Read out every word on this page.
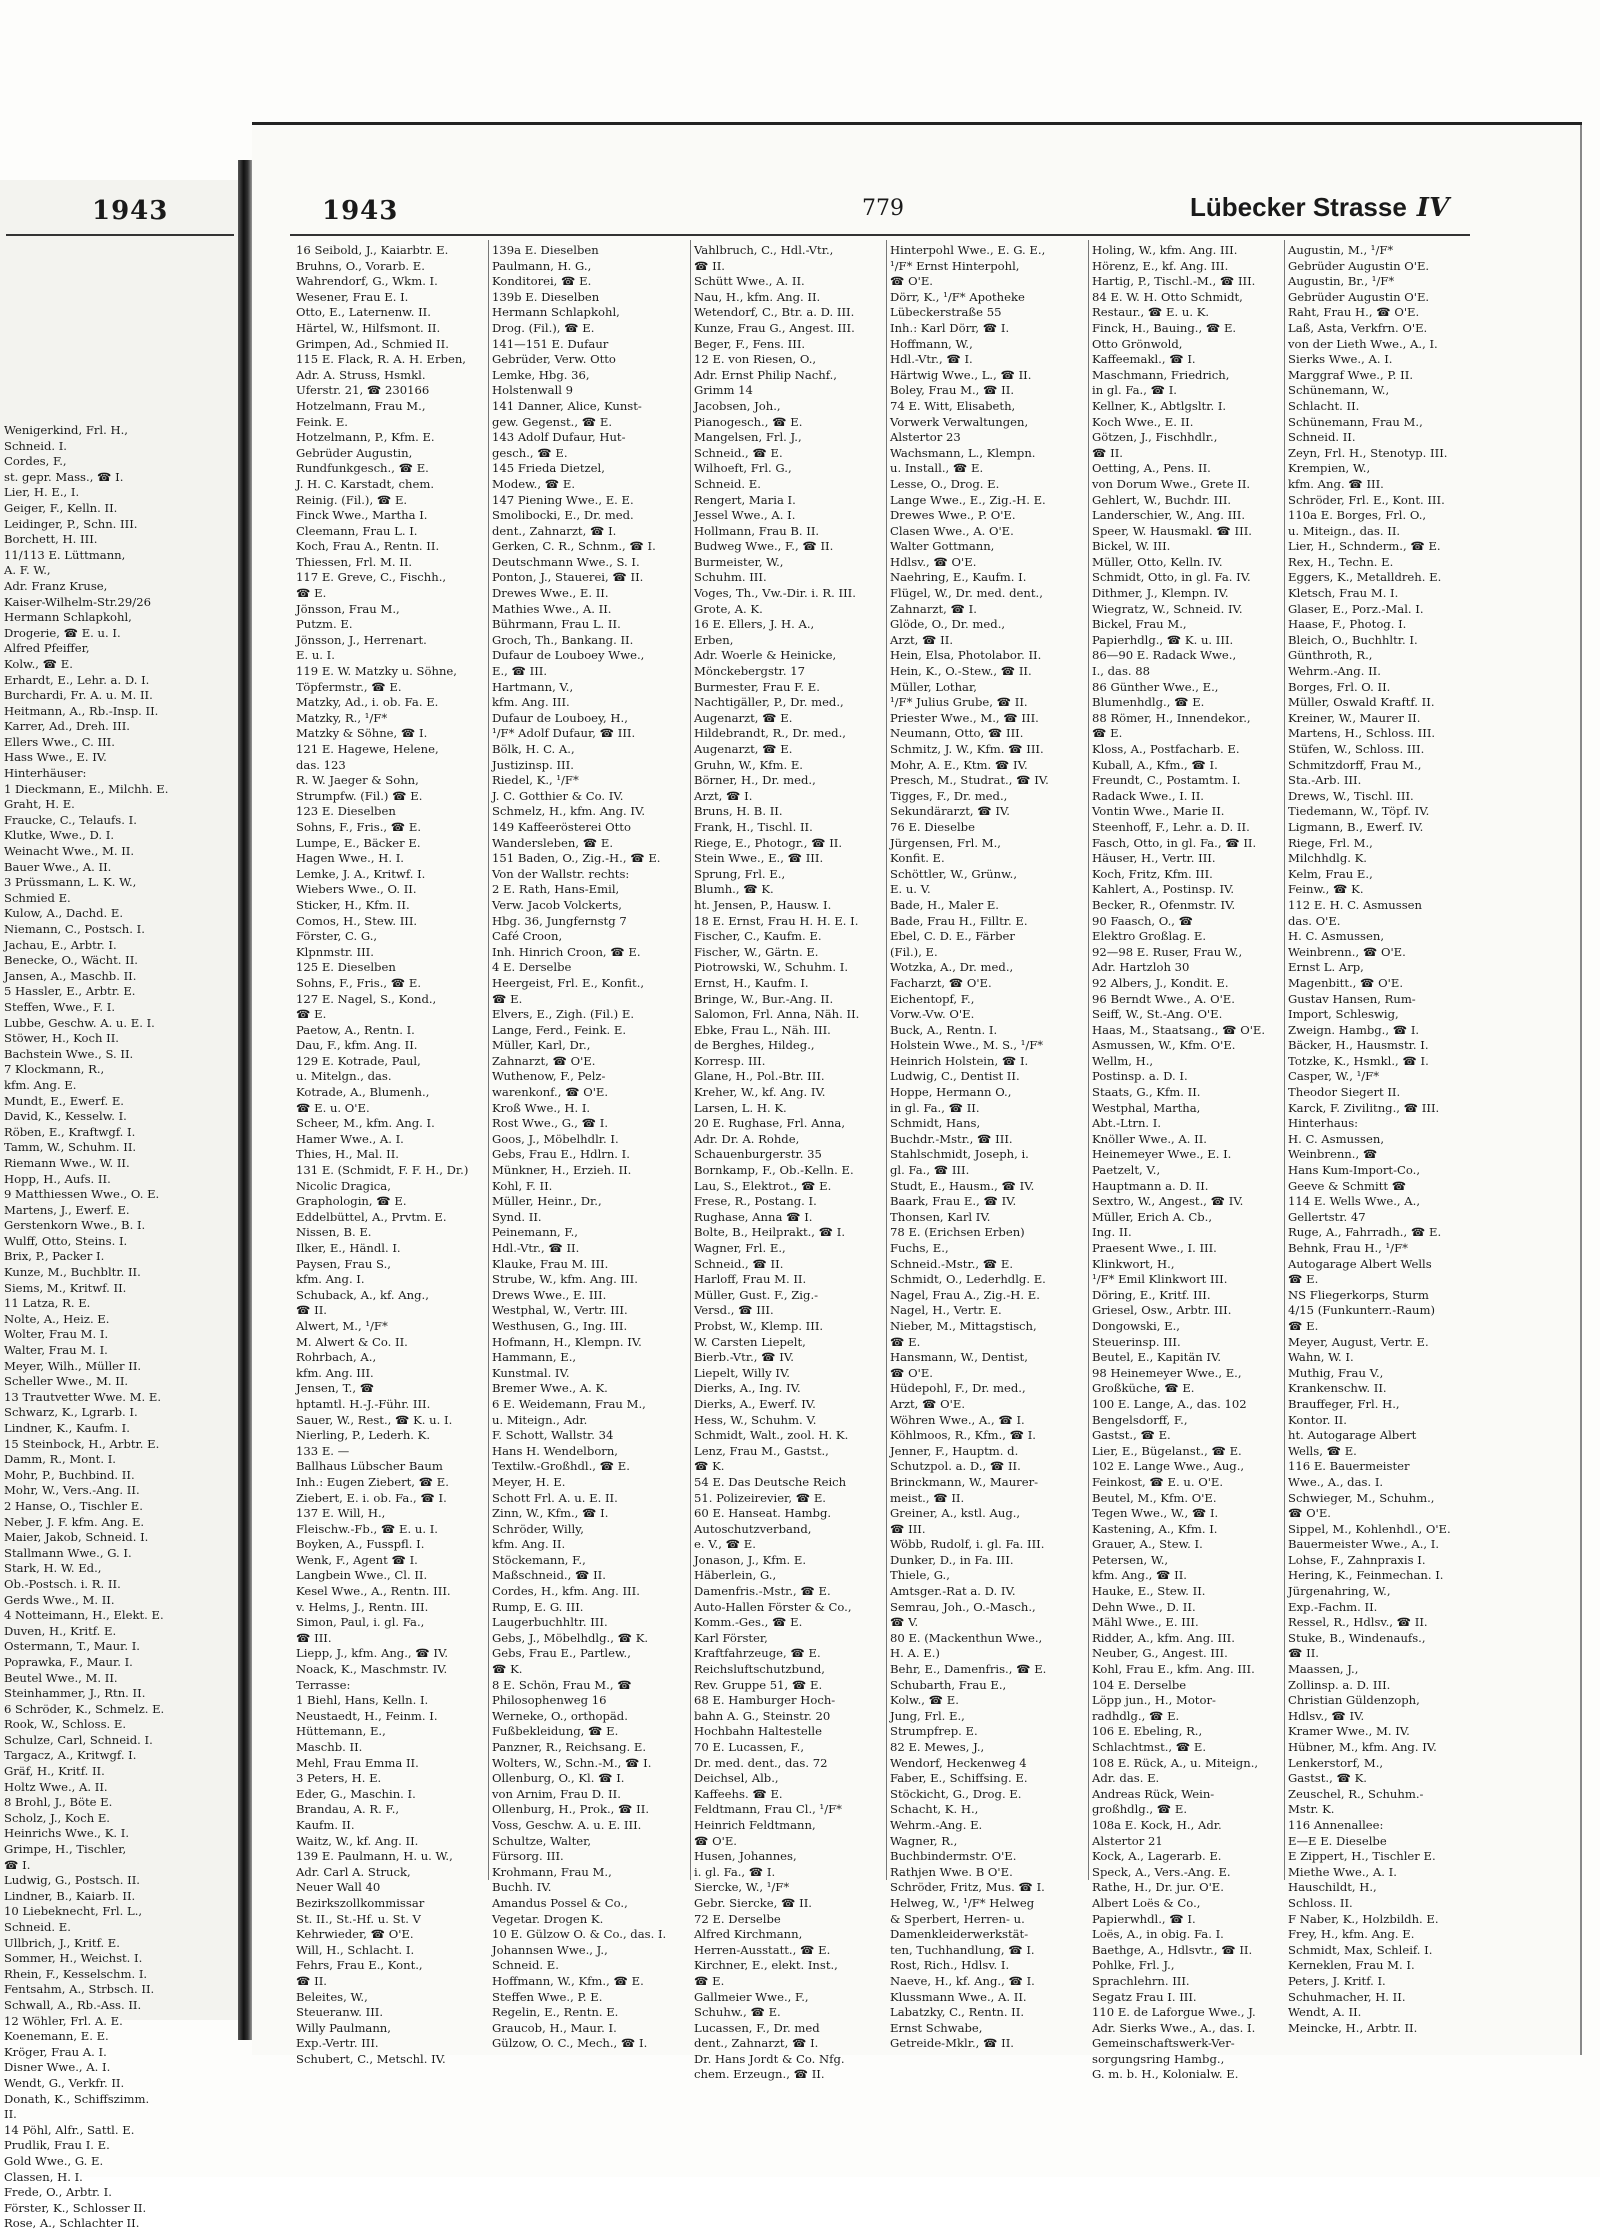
Wenigerkind, Frl. H.,
Schneid. I.
Cordes, F.,
st. gepr. Mass., ☎ I.
Lier, H. E., I.
Geiger, F., Kelln. II.
Leidinger, P., Schn. III.
Borchett, H. III.
11/113 E. Lüttmann,
A. F. W.,
Adr. Franz Kruse,
Kaiser-Wilhelm-Str.29/26
Hermann Schlapkohl,
Drogerie, ☎ E. u. I.
Alfred Pfeiffer,
Kolw., ☎ E.
Erhardt, E., Lehr. a. D. I.
Burchardi, Fr. A. u. M. II.
Heitmann, A., Rb.-Insp. II.
Karrer, Ad., Dreh. III.
Ellers Wwe., C. III.
Hass Wwe., E. IV.
Hinterhäuser:
1 Dieckmann, E., Milchh. E.
Graht, H. E.
Fraucke, C., Telaufs. I.
Klutke, Wwe., D. I.
Weinacht Wwe., M. II.
Bauer Wwe., A. II.
3 Prüssmann, L. K. W.,
Schmied E.
Kulow, A., Dachd. E.
Niemann, C., Postsch. I.
Jachau, E., Arbtr. I.
Benecke, O., Wächt. II.
Jansen, A., Maschb. II.
5 Hassler, E., Arbtr. E.
Steffen, Wwe., F. I.
Lubbe, Geschw. A. u. E. I.
Stöwer, H., Koch II.
Bachstein Wwe., S. II.
7 Klockmann, R.,
kfm. Ang. E.
Mundt, E., Ewerf. E.
David, K., Kesselw. I.
Röben, E., Kraftwgf. I.
Tamm, W., Schuhm. II.
Riemann Wwe., W. II.
Hopp, H., Aufs. II.
9 Matthiessen Wwe., O. E.
Martens, J., Ewerf. E.
Gerstenkorn Wwe., B. I.
Wulff, Otto, Steins. I.
Brix, P., Packer I.
Kunze, M., Buchbltr. II.
Siems, M., Kritwf. II.
11 Latza, R. E.
Nolte, A., Heiz. E.
Wolter, Frau M. I.
Walter, Frau M. I.
Meyer, Wilh., Müller II.
Scheller Wwe., M. II.
13 Trautvetter Wwe. M. E.
Schwarz, K., Lgrarb. I.
Lindner, K., Kaufm. I.
15 Steinbock, H., Arbtr. E.
Damm, R., Mont. I.
Mohr, P., Buchbind. II.
Mohr, W., Vers.-Ang. II.
2 Hanse, O., Tischler E.
Neber, J. F. kfm. Ang. E.
Maier, Jakob, Schneid. I.
Stallmann Wwe., G. I.
Stark, H. W. Ed.,
Ob.-Postsch. i. R. II.
Gerds Wwe., M. II.
4 Notteimann, H., Elekt. E.
Duven, H., Kritf. E.
Ostermann, T., Maur. I.
Poprawka, F., Maur. I.
Beutel Wwe., M. II.
Steinhammer, J., Rtn. II.
6 Schröder, K., Schmelz. E.
Rook, W., Schloss. E.
Schulze, Carl, Schneid. I.
Targacz, A., Kritwgf. I.
Gräf, H., Kritf. II.
Holtz Wwe., A. II.
8 Brohl, J., Böte E.
Scholz, J., Koch E.
Heinrichs Wwe., K. I.
Grimpe, H., Tischler,
☎ I.
Ludwig, G., Postsch. II.
Lindner, B., Kaiarb. II.
10 Liebeknecht, Frl. L.,
Schneid. E.
Ullbrich, J., Kritf. E.
Sommer, H., Weichst. I.
Rhein, F., Kesselschm. I.
Fentsahm, A., Strbsch. II.
Schwall, A., Rb.-Ass. II.
12 Wöhler, Frl. A. E.
Koenemann, E. E.
Kröger, Frau A. I.
Disner Wwe., A. I.
Wendt, G., Verkfr. II.
Donath, K., Schiffszimm.
II.
14 Pöhl, Alfr., Sattl. E.
Prudlik, Frau I. E.
Gold Wwe., G. E.
Classen, H. I.
Frede, O., Arbtr. I.
Förster, K., Schlosser II.
Rose, A., Schlachter II.
1943	1943	779	Lübecker Strasse IV
16 Seibold, J., Kaiarbtr. E.
Bruhns, O., Vorarb. E.
Wahrendorf, G., Wkm. I.
Wesener, Frau E. I.
Otto, E., Laternenw. II.
Härtel, W., Hilfsmont. II.
Grimpen, Ad., Schmied II.
115 E. Flack, R. A. H. Erben,
Adr. A. Struss, Hsmkl.
Uferstr. 21, ☎ 230166
Hotzelmann, Frau M.,
Feink. E.
Hotzelmann, P., Kfm. E.
Gebrüder Augustin,
Rundfunkgesch., ☎ E.
J. H. C. Karstadt, chem.
Reinig. (Fil.), ☎ E.
Finck Wwe., Martha I.
Cleemann, Frau L. I.
Koch, Frau A., Rentn. II.
Thiessen, Frl. M. II.
117 E. Greve, C., Fischh.,
☎ E.
Jönsson, Frau M.,
Putzm. E.
Jönsson, J., Herrenart.
E. u. I.
119 E. W. Matzky u. Söhne,
Töpfermstr., ☎ E.
Matzky, Ad., i. ob. Fa. E.
Matzky, R., ¹/F*
Matzky & Söhne, ☎ I.
121 E. Hagewe, Helene,
das. 123
R. W. Jaeger & Sohn,
Strumpfw. (Fil.) ☎ E.
123 E. Dieselben
Sohns, F., Fris., ☎ E.
Lumpe, E., Bäcker E.
Hagen Wwe., H. I.
Lemke, J. A., Kritwf. I.
Wiebers Wwe., O. II.
Sticker, H., Kfm. II.
Comos, H., Stew. III.
Förster, C. G.,
Klpnmstr. III.
125 E. Dieselben
Sohns, F., Fris., ☎ E.
127 E. Nagel, S., Kond.,
☎ E.
Paetow, A., Rentn. I.
Dau, F., kfm. Ang. II.
129 E. Kotrade, Paul,
u. Mitelgn., das.
Kotrade, A., Blumenh.,
☎ E. u. O'E.
Scheer, M., kfm. Ang. I.
Hamer Wwe., A. I.
Thies, H., Mal. II.
131 E. (Schmidt, F. F. H., Dr.)
Nicolic Dragica,
Graphologin, ☎ E.
Eddelbüttel, A., Prvtm. E.
Nissen, B. E.
Ilker, E., Händl. I.
Paysen, Frau S.,
kfm. Ang. I.
Schuback, A., kf. Ang.,
☎ II.
Alwert, M., ¹/F*
M. Alwert & Co. II.
Rohrbach, A.,
kfm. Ang. III.
Jensen, T., ☎
hptamtl. H.-J.-Führ. III.
Sauer, W., Rest., ☎ K. u. I.
Nierling, P., Lederh. K.
133 E. —
Ballhaus Lübscher Baum
Inh.: Eugen Ziebert, ☎ E.
Ziebert, E. i. ob. Fa., ☎ I.
137 E. Will, H.,
Fleischw.-Fb., ☎ E. u. I.
Boyken, A., Fusspfl. I.
Wenk, F., Agent ☎ I.
Langbein Wwe., Cl. II.
Kesel Wwe., A., Rentn. III.
v. Helms, J., Rentn. III.
Simon, Paul, i. gl. Fa.,
☎ III.
Liepp, J., kfm. Ang., ☎ IV.
Noack, K., Maschmstr. IV.
Terrasse:
1 Biehl, Hans, Kelln. I.
Neustaedt, H., Feinm. I.
Hüttemann, E.,
Maschb. II.
Mehl, Frau Emma II.
3 Peters, H. E.
Eder, G., Maschin. I.
Brandau, A. R. F.,
Kaufm. II.
Waitz, W., kf. Ang. II.
139 E. Paulmann, H. u. W.,
Adr. Carl A. Struck,
Neuer Wall 40
Bezirkszollkommissar
St. II., St.-Hf. u. St. V
Kehrwieder, ☎ O'E.
Will, H., Schlacht. I.
Fehrs, Frau E., Kont.,
☎ II.
Beleites, W.,
Steueranw. III.
Willy Paulmann,
Exp.-Vertr. III.
Schubert, C., Metschl. IV.
139a E. Dieselben
Paulmann, H. G.,
Konditorei, ☎ E.
139b E. Dieselben
Hermann Schlapkohl,
Drog. (Fil.), ☎ E.
141—151 E. Dufaur
Gebrüder, Verw. Otto
Lemke, Hbg. 36,
Holstenwall 9
141 Danner, Alice, Kunst-
gew. Gegenst., ☎ E.
143 Adolf Dufaur, Hut-
gesch., ☎ E.
145 Frieda Dietzel,
Modew., ☎ E.
147 Piening Wwe., E. E.
Smolibocki, E., Dr. med.
dent., Zahnarzt, ☎ I.
Gerken, C. R., Schnm., ☎ I.
Deutschmann Wwe., S. I.
Ponton, J., Stauerei, ☎ II.
Drewes Wwe., E. II.
Mathies Wwe., A. II.
Bührmann, Frau L. II.
Groch, Th., Bankang. II.
Dufaur de Louboey Wwe.,
E., ☎ III.
Hartmann, V.,
kfm. Ang. III.
Dufaur de Louboey, H.,
¹/F* Adolf Dufaur, ☎ III.
Bölk, H. C. A.,
Justizinsp. III.
Riedel, K., ¹/F*
J. C. Gotthier & Co. IV.
Schmelz, H., kfm. Ang. IV.
149 Kaffeerösterei Otto
Wandersleben, ☎ E.
151 Baden, O., Zig.-H., ☎ E.
Von der Wallstr. rechts:
2 E. Rath, Hans-Emil,
Verw. Jacob Volckerts,
Hbg. 36, Jungfernstg 7
Café Croon,
Inh. Hinrich Croon, ☎ E.
4 E. Derselbe
Heergeist, Frl. E., Konfit.,
☎ E.
Elvers, E., Zigh. (Fil.) E.
Lange, Ferd., Feink. E.
Müller, Karl, Dr.,
Zahnarzt, ☎ O'E.
Wuthenow, F., Pelz-
warenkonf., ☎ O'E.
Kroß Wwe., H. I.
Rost Wwe., G., ☎ I.
Goos, J., Möbelhdlr. I.
Gebs, Frau E., Hdlrn. I.
Münkner, H., Erzieh. II.
Kohl, F. II.
Müller, Heinr., Dr.,
Synd. II.
Peinemann, F.,
Hdl.-Vtr., ☎ II.
Klauke, Frau M. III.
Strube, W., kfm. Ang. III.
Drews Wwe., E. III.
Westphal, W., Vertr. III.
Westhusen, G., Ing. III.
Hofmann, H., Klempn. IV.
Hammann, E.,
Kunstmal. IV.
Bremer Wwe., A. K.
6 E. Weidemann, Frau M.,
u. Miteign., Adr.
F. Schott, Wallstr. 34
Hans H. Wendelborn,
Textilw.-Großhdl., ☎ E.
Meyer, H. E.
Schott Frl. A. u. E. II.
Zinn, W., Kfm., ☎ I.
Schröder, Willy,
kfm. Ang. II.
Stöckemann, F.,
Maßschneid., ☎ II.
Cordes, H., kfm. Ang. III.
Rump, E. G. III.
Laugerbuchhltr. III.
Gebs, J., Möbelhdlg., ☎ K.
Gebs, Frau E., Partlew.,
☎ K.
8 E. Schön, Frau M., ☎
Philosophenweg 16
Werneke, O., orthopäd.
Fußbekleidung, ☎ E.
Panzner, R., Reichsang. E.
Wolters, W., Schn.-M., ☎ I.
Ollenburg, O., Kl. ☎ I.
von Arnim, Frau D. II.
Ollenburg, H., Prok., ☎ II.
Voss, Geschw. A. u. E. III.
Schultze, Walter,
Fürsorg. III.
Krohmann, Frau M.,
Buchh. IV.
Amandus Possel & Co.,
Vegetar. Drogen K.
10 E. Gülzow O. & Co., das. I.
Johannsen Wwe., J.,
Schneid. E.
Hoffmann, W., Kfm., ☎ E.
Steffen Wwe., P. E.
Regelin, E., Rentn. E.
Graucob, H., Maur. I.
Gülzow, O. C., Mech., ☎ I.
Vahlbruch, C., Hdl.-Vtr.,
☎ II.
Schütt Wwe., A. II.
Nau, H., kfm. Ang. II.
Wetendorf, C., Btr. a. D. III.
Kunze, Frau G., Angest. III.
Beger, F., Fens. III.
12 E. von Riesen, O.,
Adr. Ernst Philip Nachf.,
Grimm 14
Jacobsen, Joh.,
Pianogesch., ☎ E.
Mangelsen, Frl. J.,
Schneid., ☎ E.
Wilhoeft, Frl. G.,
Schneid. E.
Rengert, Maria I.
Jessel Wwe., A. I.
Hollmann, Frau B. II.
Budweg Wwe., F., ☎ II.
Burmeister, W.,
Schuhm. III.
Voges, Th., Vw.-Dir. i. R. III.
Grote, A. K.
16 E. Ellers, J. H. A.,
Erben,
Adr. Woerle & Heinicke,
Mönckebergstr. 17
Burmester, Frau F. E.
Nachtigäller, P., Dr. med.,
Augenarzt, ☎ E.
Hildebrandt, R., Dr. med.,
Augenarzt, ☎ E.
Gruhn, W., Kfm. E.
Börner, H., Dr. med.,
Arzt, ☎ I.
Bruns, H. B. II.
Frank, H., Tischl. II.
Riege, E., Photogr., ☎ II.
Stein Wwe., E., ☎ III.
Sprung, Frl. E.,
Blumh., ☎ K.
ht. Jensen, P., Hausw. I.
18 E. Ernst, Frau H. H. E. I.
Fischer, C., Kaufm. E.
Fischer, W., Gärtn. E.
Piotrowski, W., Schuhm. I.
Ernst, H., Kaufm. I.
Bringe, W., Bur.-Ang. II.
Salomon, Frl. Anna, Näh. II.
Ebke, Frau L., Näh. III.
de Berghes, Hildeg.,
Korresp. III.
Glane, H., Pol.-Btr. III.
Kreher, W., kf. Ang. IV.
Larsen, L. H. K.
20 E. Rughase, Frl. Anna,
Adr. Dr. A. Rohde,
Schauenburgerstr. 35
Bornkamp, F., Ob.-Kelln. E.
Lau, S., Elektrot., ☎ E.
Frese, R., Postang. I.
Rughase, Anna ☎ I.
Bolte, B., Heilprakt., ☎ I.
Wagner, Frl. E.,
Schneid., ☎ II.
Harloff, Frau M. II.
Müller, Gust. F., Zig.-
Versd., ☎ III.
Probst, W., Klemp. III.
W. Carsten Liepelt,
Bierb.-Vtr., ☎ IV.
Liepelt, Willy IV.
Dierks, A., Ing. IV.
Dierks, A., Ewerf. IV.
Hess, W., Schuhm. V.
Schmidt, Walt., zool. H. K.
Lenz, Frau M., Gastst.,
☎ K.
54 E. Das Deutsche Reich
51. Polizeirevier, ☎ E.
60 E. Hanseat. Hambg.
Autoschutzverband,
e. V., ☎ E.
Jonason, J., Kfm. E.
Häberlein, G.,
Damenfris.-Mstr., ☎ E.
Auto-Hallen Förster & Co.,
Komm.-Ges., ☎ E.
Karl Förster,
Kraftfahrzeuge, ☎ E.
Reichsluftschutzbund,
Rev. Gruppe 51, ☎ E.
68 E. Hamburger Hoch-
bahn A. G., Steinstr. 20
Hochbahn Haltestelle
70 E. Lucassen, F.,
Dr. med. dent., das. 72
Deichsel, Alb.,
Kaffeehs. ☎ E.
Feldtmann, Frau Cl., ¹/F*
Heinrich Feldtmann,
☎ O'E.
Husen, Johannes,
i. gl. Fa., ☎ I.
Siercke, W., ¹/F*
Gebr. Siercke, ☎ II.
72 E. Derselbe
Alfred Kirchmann,
Herren-Ausstatt., ☎ E.
Kirchner, E., elekt. Inst.,
☎ E.
Gallmeier Wwe., F.,
Schuhw., ☎ E.
Lucassen, F., Dr. med
dent., Zahnarzt, ☎ I.
Dr. Hans Jordt & Co. Nfg.
chem. Erzeugn., ☎ II.
Hinterpohl Wwe., E. G. E.,
¹/F* Ernst Hinterpohl,
☎ O'E.
Dörr, K., ¹/F* Apotheke
Lübeckerstraße 55
Inh.: Karl Dörr, ☎ I.
Hoffmann, W.,
Hdl.-Vtr., ☎ I.
Härtwig Wwe., L., ☎ II.
Boley, Frau M., ☎ II.
74 E. Witt, Elisabeth,
Vorwerk Verwaltungen,
Alstertor 23
Wachsmann, L., Klempn.
u. Install., ☎ E.
Lesse, O., Drog. E.
Lange Wwe., E., Zig.-H. E.
Drewes Wwe., P. O'E.
Clasen Wwe., A. O'E.
Walter Gottmann,
Hdlsv., ☎ O'E.
Naehring, E., Kaufm. I.
Flügel, W., Dr. med. dent.,
Zahnarzt, ☎ I.
Glöde, O., Dr. med.,
Arzt, ☎ II.
Hein, Elsa, Photolabor. II.
Hein, K., O.-Stew., ☎ II.
Müller, Lothar,
¹/F* Julius Grube, ☎ II.
Priester Wwe., M., ☎ III.
Neumann, Otto, ☎ III.
Schmitz, J. W., Kfm. ☎ III.
Mohr, A. E., Ktm. ☎ IV.
Presch, M., Studrat., ☎ IV.
Tigges, F., Dr. med.,
Sekundärarzt, ☎ IV.
76 E. Dieselbe
Jürgensen, Frl. M.,
Konfit. E.
Schöttler, W., Grünw.,
E. u. V.
Bade, H., Maler E.
Bade, Frau H., Filltr. E.
Ebel, C. D. E., Färber
(Fil.), E.
Wotzka, A., Dr. med.,
Facharzt, ☎ O'E.
Eichentopf, F.,
Vorw.-Vw. O'E.
Buck, A., Rentn. I.
Holstein Wwe., M. S., ¹/F*
Heinrich Holstein, ☎ I.
Ludwig, C., Dentist II.
Hoppe, Hermann O.,
in gl. Fa., ☎ II.
Schmidt, Hans,
Buchdr.-Mstr., ☎ III.
Stahlschmidt, Joseph, i.
gl. Fa., ☎ III.
Studt, E., Hausm., ☎ IV.
Baark, Frau E., ☎ IV.
Thonsen, Karl IV.
78 E. (Erichsen Erben)
Fuchs, E.,
Schneid.-Mstr., ☎ E.
Schmidt, O., Lederhdlg. E.
Nagel, Frau A., Zig.-H. E.
Nagel, H., Vertr. E.
Nieber, M., Mittagstisch,
☎ E.
Hansmann, W., Dentist,
☎ O'E.
Hüdepohl, F., Dr. med.,
Arzt, ☎ O'E.
Wöhren Wwe., A., ☎ I.
Köhlmoos, R., Kfm., ☎ I.
Jenner, F., Hauptm. d.
Schutzpol. a. D., ☎ II.
Brinckmann, W., Maurer-
meist., ☎ II.
Greiner, A., kstl. Aug.,
☎ III.
Wöbb, Rudolf, i. gl. Fa. III.
Dunker, D., in Fa. III.
Thiele, G.,
Amtsger.-Rat a. D. IV.
Semrau, Joh., O.-Masch.,
☎ V.
80 E. (Mackenthun Wwe.,
H. A. E.)
Behr, E., Damenfris., ☎ E.
Schubarth, Frau E.,
Kolw., ☎ E.
Jung, Frl. E.,
Strumpfrep. E.
82 E. Mewes, J.,
Wendorf, Heckenweg 4
Faber, E., Schiffsing. E.
Stöckicht, G., Drog. E.
Schacht, K. H.,
Wehrm.-Ang. E.
Wagner, R.,
Buchbindermstr. O'E.
Rathjen Wwe. B O'E.
Schröder, Fritz, Mus. ☎ I.
Helweg, W., ¹/F* Helweg
& Sperbert, Herren- u.
Damenkleiderwerkstät-
ten, Tuchhandlung, ☎ I.
Rost, Rich., Hdlsv. I.
Naeve, H., kf. Ang., ☎ I.
Klussmann Wwe., A. II.
Labatzky, C., Rentn. II.
Ernst Schwabe,
Getreide-Mklr., ☎ II.
Holing, W., kfm. Ang. III.
Hörenz, E., kf. Ang. III.
Hartig, P., Tischl.-M., ☎ III.
84 E. W. H. Otto Schmidt,
Restaur., ☎ E. u. K.
Finck, H., Bauing., ☎ E.
Otto Grönwold,
Kaffeemakl., ☎ I.
Maschmann, Friedrich,
in gl. Fa., ☎ I.
Kellner, K., Abtlgsltr. I.
Koch Wwe., E. II.
Götzen, J., Fischhdlr.,
☎ II.
Oetting, A., Pens. II.
von Dorum Wwe., Grete II.
Gehlert, W., Buchdr. III.
Landerschier, W., Ang. III.
Speer, W. Hausmakl. ☎ III.
Bickel, W. III.
Müller, Otto, Kelln. IV.
Schmidt, Otto, in gl. Fa. IV.
Dithmer, J., Klempn. IV.
Wiegratz, W., Schneid. IV.
Bickel, Frau M.,
Papierhdlg., ☎ K. u. III.
86—90 E. Radack Wwe.,
I., das. 88
86 Günther Wwe., E.,
Blumenhdlg., ☎ E.
88 Römer, H., Innendekor.,
☎ E.
Kloss, A., Postfacharb. E.
Kuball, A., Kfm., ☎ I.
Freundt, C., Postamtm. I.
Radack Wwe., I. II.
Vontin Wwe., Marie II.
Steenhoff, F., Lehr. a. D. II.
Fasch, Otto, in gl. Fa., ☎ II.
Häuser, H., Vertr. III.
Koch, Fritz, Kfm. III.
Kahlert, A., Postinsp. IV.
Becker, R., Ofenmstr. IV.
90 Faasch, O., ☎
Elektro Großlag. E.
92—98 E. Ruser, Frau W.,
Adr. Hartzloh 30
92 Albers, J., Kondit. E.
96 Berndt Wwe., A. O'E.
Seiff, W., St.-Ang. O'E.
Haas, M., Staatsang., ☎ O'E.
Asmussen, W., Kfm. O'E.
Wellm, H.,
Postinsp. a. D. I.
Staats, G., Kfm. II.
Westphal, Martha,
Abt.-Ltrn. I.
Knöller Wwe., A. II.
Heinemeyer Wwe., E. I.
Paetzelt, V.,
Hauptmann a. D. II.
Sextro, W., Angest., ☎ IV.
Müller, Erich A. Cb.,
Ing. II.
Praesent Wwe., I. III.
Klinkwort, H.,
¹/F* Emil Klinkwort III.
Döring, E., Kritf. III.
Griesel, Osw., Arbtr. III.
Dongowski, E.,
Steuerinsp. III.
Beutel, E., Kapitän IV.
98 Heinemeyer Wwe., E.,
Großküche, ☎ E.
100 E. Lange, A., das. 102
Bengelsdorff, F.,
Gastst., ☎ E.
Lier, E., Bügelanst., ☎ E.
102 E. Lange Wwe., Aug.,
Feinkost, ☎ E. u. O'E.
Beutel, M., Kfm. O'E.
Tegen Wwe., W., ☎ I.
Kastening, A., Kfm. I.
Grauer, A., Stew. I.
Petersen, W.,
kfm. Ang., ☎ II.
Hauke, E., Stew. II.
Dehn Wwe., D. II.
Mähl Wwe., E. III.
Ridder, A., kfm. Ang. III.
Neuber, G., Angest. III.
Kohl, Frau E., kfm. Ang. III.
104 E. Derselbe
Löpp jun., H., Motor-
radhdlg., ☎ E.
106 E. Ebeling, R.,
Schlachtmst., ☎ E.
108 E. Rück, A., u. Miteign.,
Adr. das. E.
Andreas Rück, Wein-
großhdlg., ☎ E.
108a E. Kock, H., Adr.
Alstertor 21
Kock, A., Lagerarb. E.
Speck, A., Vers.-Ang. E.
Rathe, H., Dr. jur. O'E.
Albert Loës & Co.,
Papierwhdl., ☎ I.
Loës, A., in obig. Fa. I.
Baethge, A., Hdlsvtr., ☎ II.
Pohlke, Frl. J.,
Sprachlehrn. III.
Segatz Frau I. III.
110 E. de Laforgue Wwe., J.
Adr. Sierks Wwe., A., das. I.
Gemeinschaftswerk-Ver-
sorgungsring Hambg.,
G. m. b. H., Kolonialw. E.
Augustin, M., ¹/F*
Gebrüder Augustin O'E.
Augustin, Br., ¹/F*
Gebrüder Augustin O'E.
Raht, Frau H., ☎ O'E.
Laß, Asta, Verkfrn. O'E.
von der Lieth Wwe., A., I.
Sierks Wwe., A. I.
Marggraf Wwe., P. II.
Schünemann, W.,
Schlacht. II.
Schünemann, Frau M.,
Schneid. II.
Zeyn, Frl. H., Stenotyp. III.
Krempien, W.,
kfm. Ang. ☎ III.
Schröder, Frl. E., Kont. III.
110a E. Borges, Frl. O.,
u. Miteign., das. II.
Lier, H., Schnderm., ☎ E.
Rex, H., Techn. E.
Eggers, K., Metalldreh. E.
Kletsch, Frau M. I.
Glaser, E., Porz.-Mal. I.
Haase, F., Photog. I.
Bleich, O., Buchhltr. I.
Günthroth, R.,
Wehrm.-Ang. II.
Borges, Frl. O. II.
Müller, Oswald Kraftf. II.
Kreiner, W., Maurer II.
Martens, H., Schloss. III.
Stüfen, W., Schloss. III.
Schmitzdorff, Frau M.,
Sta.-Arb. III.
Drews, W., Tischl. III.
Tiedemann, W., Töpf. IV.
Ligmann, B., Ewerf. IV.
Riege, Frl. M.,
Milchhdlg. K.
Kelm, Frau E.,
Feinw., ☎ K.
112 E. H. C. Asmussen
das. O'E.
H. C. Asmussen,
Weinbrenn., ☎ O'E.
Ernst L. Arp,
Magenbitt., ☎ O'E.
Gustav Hansen, Rum-
Import, Schleswig,
Zweign. Hambg., ☎ I.
Bäcker, H., Hausmstr. I.
Totzke, K., Hsmkl., ☎ I.
Casper, W., ¹/F*
Theodor Siegert II.
Karck, F. Zivilitng., ☎ III.
Hinterhaus:
H. C. Asmussen,
Weinbrenn., ☎
Hans Kum-Import-Co.,
Geeve & Schmitt ☎
114 E. Wells Wwe., A.,
Gellertstr. 47
Ruge, A., Fahrradh., ☎ E.
Behnk, Frau H., ¹/F*
Autogarage Albert Wells
☎ E.
NS Fliegerkorps, Sturm
4/15 (Funkunterr.-Raum)
☎ E.
Meyer, August, Vertr. E.
Wahn, W. I.
Muthig, Frau V.,
Krankenschw. II.
Brauffeger, Frl. H.,
Kontor. II.
ht. Autogarage Albert
Wells, ☎ E.
116 E. Bauermeister
Wwe., A., das. I.
Schwieger, M., Schuhm.,
☎ O'E.
Sippel, M., Kohlenhdl., O'E.
Bauermeister Wwe., A., I.
Lohse, F., Zahnpraxis I.
Hering, K., Feinmechan. I.
Jürgenahring, W.,
Exp.-Fachm. II.
Ressel, R., Hdlsv., ☎ II.
Stuke, B., Windenaufs.,
☎ II.
Maassen, J.,
Zollinsp. a. D. III.
Christian Güldenzoph,
Hdlsv., ☎ IV.
Kramer Wwe., M. IV.
Hübner, M., kfm. Ang. IV.
Lenkerstorf, M.,
Gastst., ☎ K.
Zeuschel, R., Schuhm.-
Mstr. K.
116 Annenallee:
E—E E. Dieselbe
E Zippert, H., Tischler E.
Miethe Wwe., A. I.
Hauschildt, H.,
Schloss. II.
F Naber, K., Holzbildh. E.
Frey, H., kfm. Ang. E.
Schmidt, Max, Schleif. I.
Kerneklen, Frau M. I.
Peters, J. Kritf. I.
Schuhmacher, H. II.
Wendt, A. II.
Meincke, H., Arbtr. II.
